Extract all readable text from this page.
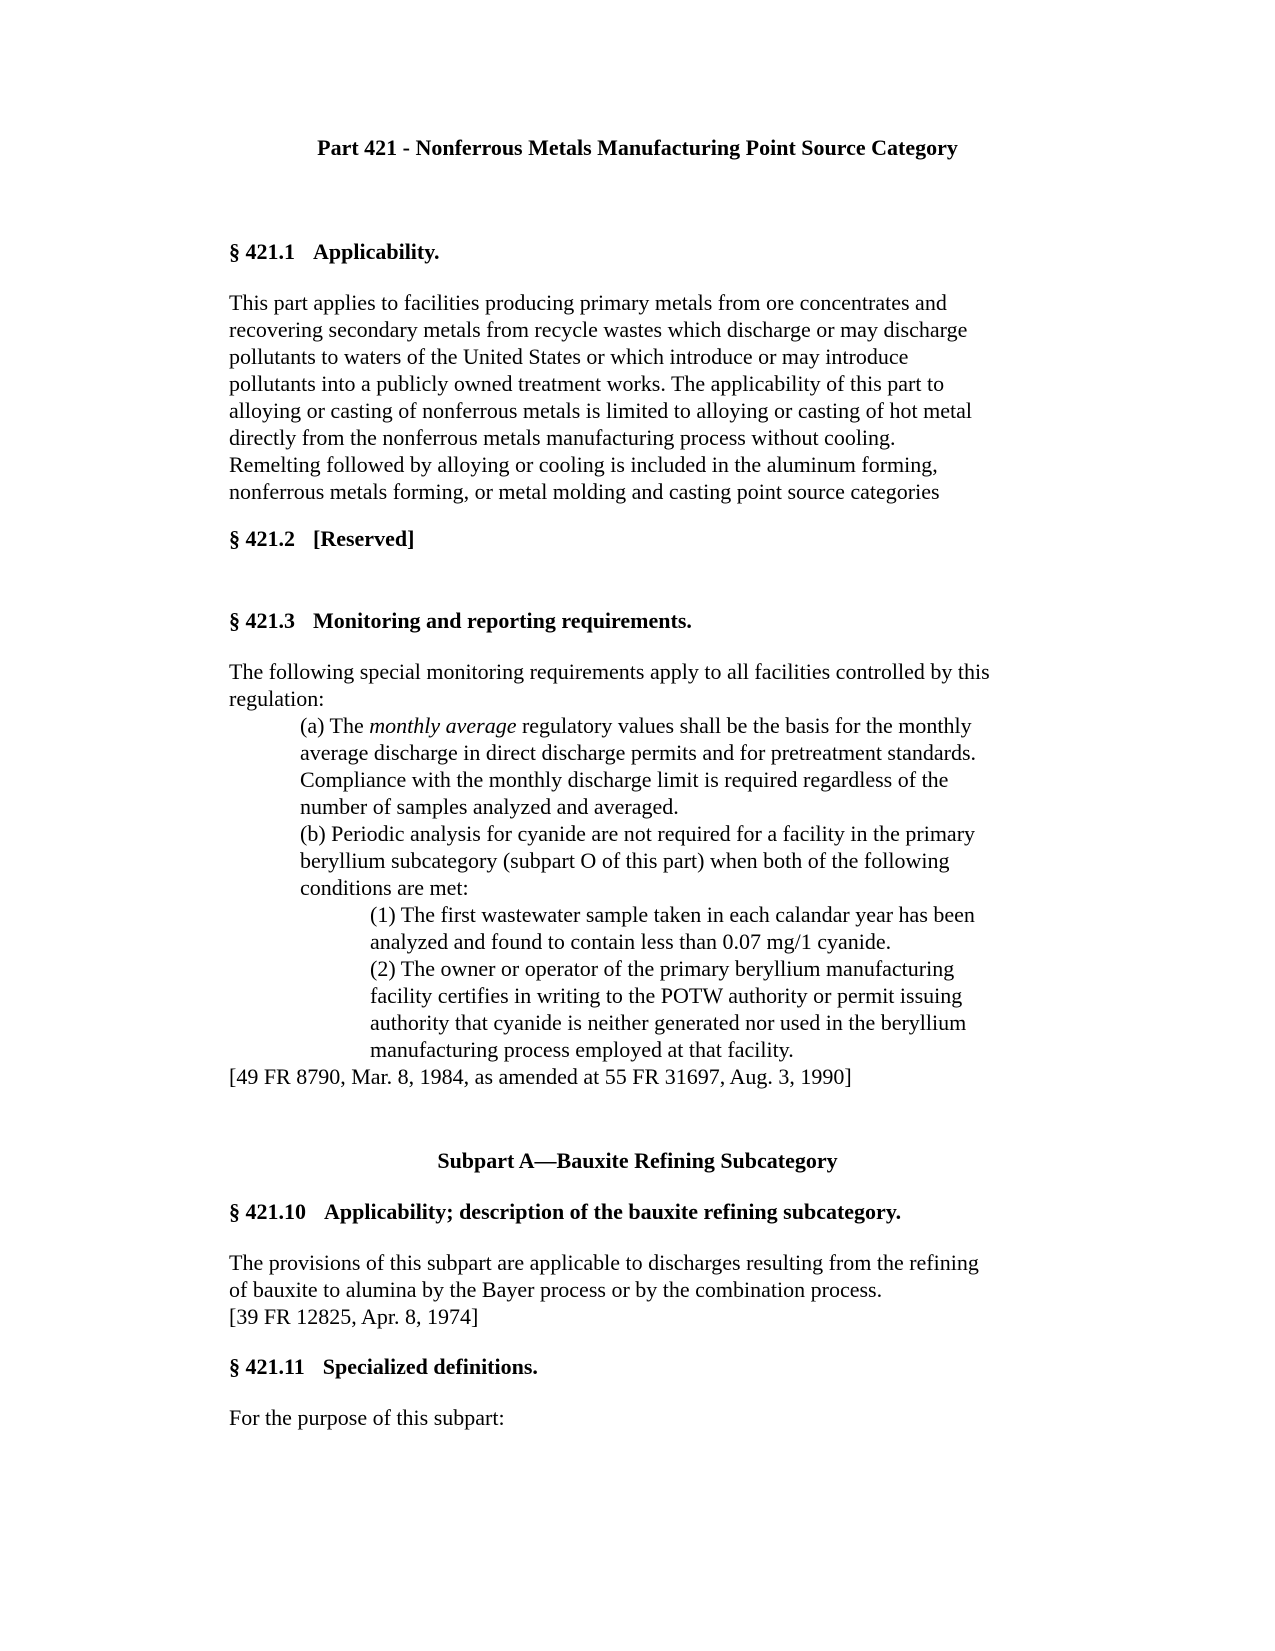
Part 421 - Nonferrous Metals Manufacturing Point Source Category
§ 421.1 Applicability.
This part applies to facilities producing primary metals from ore concentrates and
recovering secondary metals from recycle wastes which discharge or may discharge
pollutants to waters of the United States or which introduce or may introduce
pollutants into a publicly owned treatment works. The applicability of this part to
alloying or casting of nonferrous metals is limited to alloying or casting of hot metal
directly from the nonferrous metals manufacturing process without cooling.
Remelting followed by alloying or cooling is included in the aluminum forming,
nonferrous metals forming, or metal molding and casting point source categories
§ 421.2 [Reserved]
§ 421.3 Monitoring and reporting requirements.
The following special monitoring requirements apply to all facilities controlled by this
regulation:
(a) The monthly average regulatory values shall be the basis for the monthly
average discharge in direct discharge permits and for pretreatment standards.
Compliance with the monthly discharge limit is required regardless of the
number of samples analyzed and averaged.
(b) Periodic analysis for cyanide are not required for a facility in the primary
beryllium subcategory (subpart O of this part) when both of the following
conditions are met:
(1) The first wastewater sample taken in each calandar year has been
analyzed and found to contain less than 0.07 mg/1 cyanide.
(2) The owner or operator of the primary beryllium manufacturing
facility certifies in writing to the POTW authority or permit issuing
authority that cyanide is neither generated nor used in the beryllium
manufacturing process employed at that facility.
[49 FR 8790, Mar. 8, 1984, as amended at 55 FR 31697, Aug. 3, 1990]
Subpart A—Bauxite Refining Subcategory
§ 421.10 Applicability; description of the bauxite refining subcategory.
The provisions of this subpart are applicable to discharges resulting from the refining
of bauxite to alumina by the Bayer process or by the combination process.
[39 FR 12825, Apr. 8, 1974]
§ 421.11 Specialized definitions.
For the purpose of this subpart:
